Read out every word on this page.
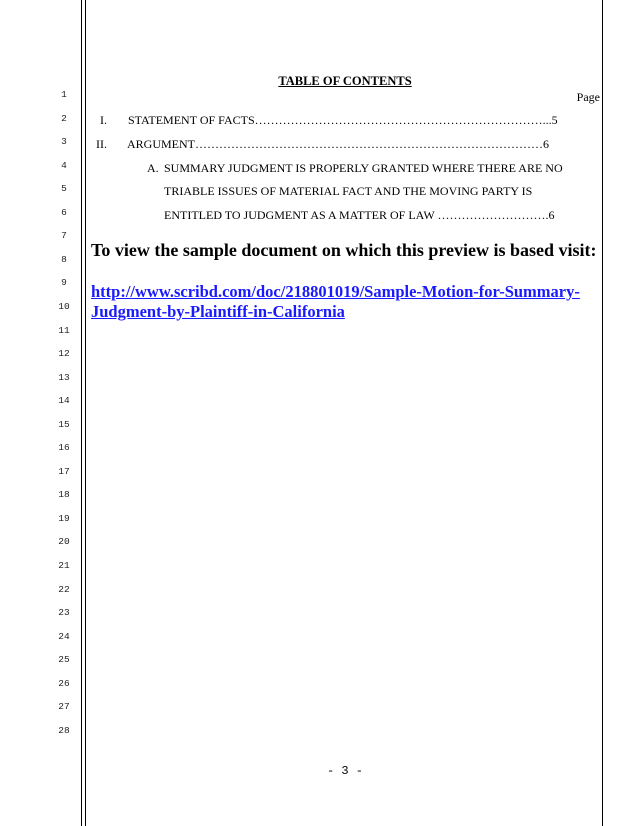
1
2
3
4
5
6
7
8
9
10
11
12
13
14
15
16
17
18
19
20
21
22
23
24
25
26
27
28
TABLE OF CONTENTS
Page
I. STATEMENT OF FACTS………………………………………………………………...5
II. ARGUMENT……………………………………………………………………………6
A. SUMMARY JUDGMENT IS PROPERLY GRANTED WHERE THERE ARE NO
TRIABLE ISSUES OF MATERIAL FACT AND THE MOVING PARTY IS
ENTITLED TO JUDGMENT AS A MATTER OF LAW ……………………….6
To view the sample document on which this preview is based visit:
http://www.scribd.com/doc/218801019/Sample-Motion-for-Summary-
Judgment-by-Plaintiff-in-California
- 3 -
